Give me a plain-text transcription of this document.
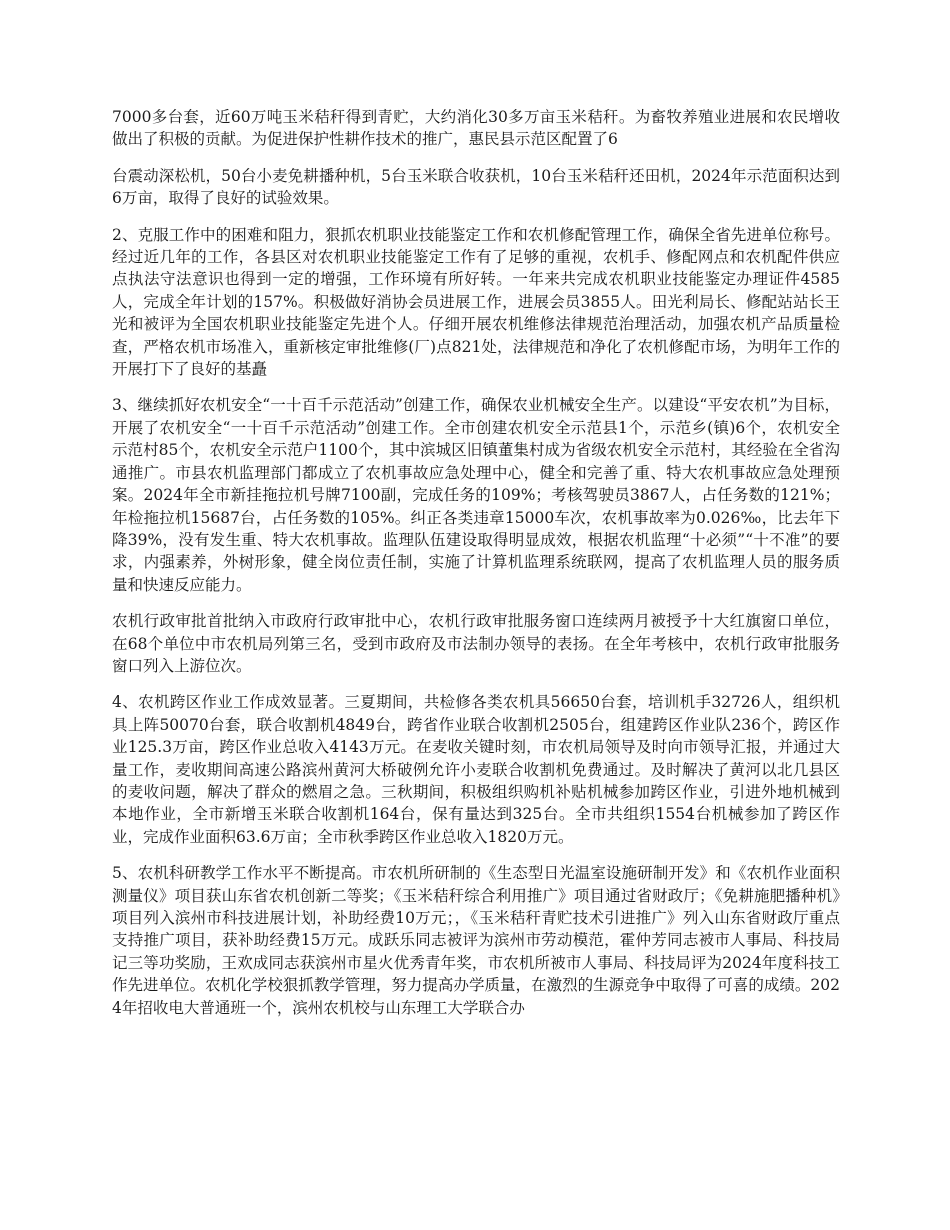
7000多台套，近60万吨玉米秸秆得到青贮，大约消化30多万亩玉米秸秆。为畜牧养殖业进展和农民增收做出了积极的贡献。为促进保护性耕作技术的推广，惠民县示范区配置了6

台震动深松机，50台小麦免耕播种机，5台玉米联合收获机，10台玉米秸秆还田机，2024年示范面积达到6万亩，取得了良好的试验效果。

2、克服工作中的困难和阻力，狠抓农机职业技能鉴定工作和农机修配管理工作，确保全省先进单位称号。经过近几年的工作，各县区对农机职业技能鉴定工作有了足够的重视，农机手、修配网点和农机配件供应点执法守法意识也得到一定的增强，工作环境有所好转。一年来共完成农机职业技能鉴定办理证件4585人，完成全年计划的157%。积极做好消协会员进展工作，进展会员3855人。田光利局长、修配站站长王光和被评为全国农机职业技能鉴定先进个人。仔细开展农机维修法律规范治理活动，加强农机产品质量检查，严格农机市场准入，重新核定审批维修(厂)点821处，法律规范和净化了农机修配市场，为明年工作的开展打下了良好的基矗

3、继续抓好农机安全“一十百千示范活动”创建工作，确保农业机械安全生产。以建设“平安农机”为目标，开展了农机安全“一十百千示范活动”创建工作。全市创建农机安全示范县1个，示范乡(镇)6个，农机安全示范村85个，农机安全示范户1100个，其中滨城区旧镇董集村成为省级农机安全示范村，其经验在全省沟通推广。市县农机监理部门都成立了农机事故应急处理中心，健全和完善了重、特大农机事故应急处理预案。2024年全市新挂拖拉机号牌7100副，完成任务的109%；考核驾驶员3867人，占任务数的121%；年检拖拉机15687台，占任务数的105%。纠正各类违章15000车次，农机事故率为0.026‰，比去年下降39%，没有发生重、特大农机事故。监理队伍建设取得明显成效，根据农机监理“十必须”“十不准”的要求，内强素养，外树形象，健全岗位责任制，实施了计算机监理系统联网，提高了农机监理人员的服务质量和快速反应能力。

农机行政审批首批纳入市政府行政审批中心，农机行政审批服务窗口连续两月被授予十大红旗窗口单位，在68个单位中市农机局列第三名，受到市政府及市法制办领导的表扬。在全年考核中，农机行政审批服务窗口列入上游位次。

4、农机跨区作业工作成效显著。三夏期间，共检修各类农机具56650台套，培训机手32726人，组织机具上阵50070台套，联合收割机4849台，跨省作业联合收割机2505台，组建跨区作业队236个，跨区作业125.3万亩，跨区作业总收入4143万元。在麦收关键时刻，市农机局领导及时向市领导汇报，并通过大量工作，麦收期间高速公路滨州黄河大桥破例允许小麦联合收割机免费通过。及时解决了黄河以北几县区的麦收问题，解决了群众的燃眉之急。三秋期间，积极组织购机补贴机械参加跨区作业，引进外地机械到本地作业，全市新增玉米联合收割机164台，保有量达到325台。全市共组织1554台机械参加了跨区作业，完成作业面积63.6万亩；全市秋季跨区作业总收入1820万元。

5、农机科研教学工作水平不断提高。市农机所研制的《生态型日光温室设施研制开发》和《农机作业面积测量仪》项目获山东省农机创新二等奖；《玉米秸秆综合利用推广》项目通过省财政厅；《免耕施肥播种机》项目列入滨州市科技进展计划，补助经费10万元；，《玉米秸秆青贮技术引进推广》列入山东省财政厅重点支持推广项目，获补助经费15万元。成跃乐同志被评为滨州市劳动模范，霍仲芳同志被市人事局、科技局记三等功奖励，王欢成同志获滨州市星火优秀青年奖，市农机所被市人事局、科技局评为2024年度科技工作先进单位。农机化学校狠抓教学管理，努力提高办学质量，在激烈的生源竞争中取得了可喜的成绩。2024年招收电大普通班一个，滨州农机校与山东理工大学联合办
